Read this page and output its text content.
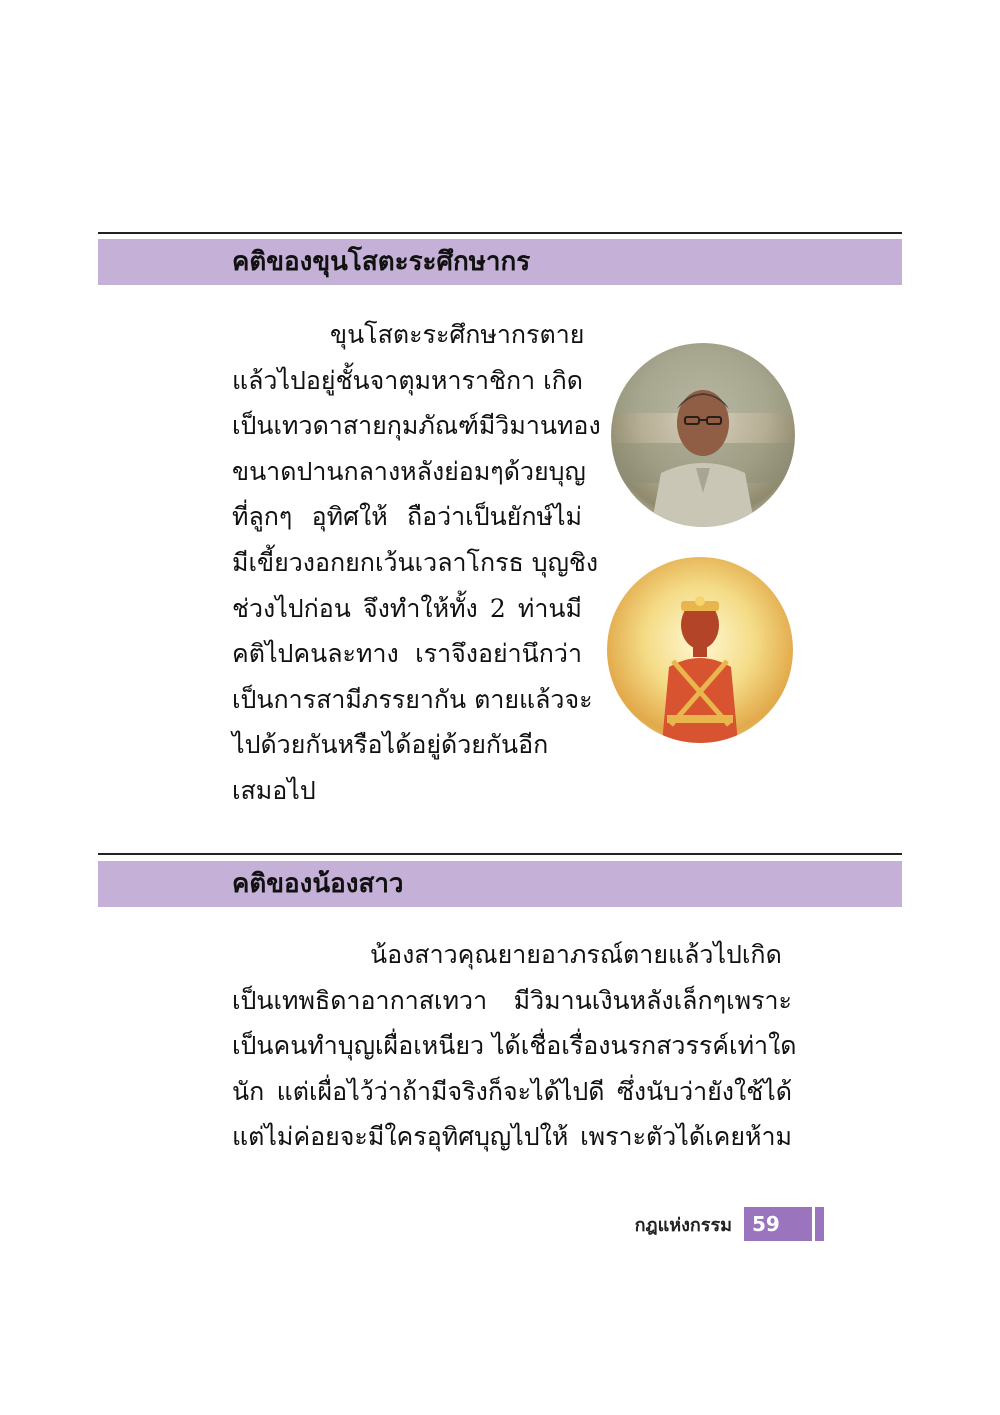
คติของขุนโสตะระศึกษากร
ขุนโสตะระศึกษากรตาย
แล้วไปอยู่ชั้นจาตุมหาราชิกา เกิด
เป็นเทวดาสายกุมภัณฑ์มีวิมานทอง
ขนาดปานกลางหลังย่อมๆด้วยบุญ
ที่ลูกๆ อุทิศให้ ถือว่าเป็นยักษ์ไม่
มีเขี้ยวงอกยกเว้นเวลาโกรธ บุญชิง
ช่วงไปก่อน จึงทำให้ทั้ง 2 ท่านมี
คติไปคนละทาง เราจึงอย่านึกว่า
เป็นการสามีภรรยากัน ตายแล้วจะ
ไปด้วยกันหรือได้อยู่ด้วยกันอีก
เสมอไป
คติของน้องสาว
น้องสาวคุณยายอาภรณ์ตายแล้วไปเกิด
เป็นเทพธิดาอากาสเทวา มีวิมานเงินหลังเล็กๆเพราะ
เป็นคนทำบุญเผื่อเหนียว ได้เชื่อเรื่องนรกสวรรค์เท่าใด
นัก แต่เผื่อไว้ว่าถ้ามีจริงก็จะได้ไปดี ซึ่งนับว่ายังใช้ได้
แต่ไม่ค่อยจะมีใครอุทิศบุญไปให้ เพราะตัวได้เคยห้าม
กฎแห่งกรรม	59
